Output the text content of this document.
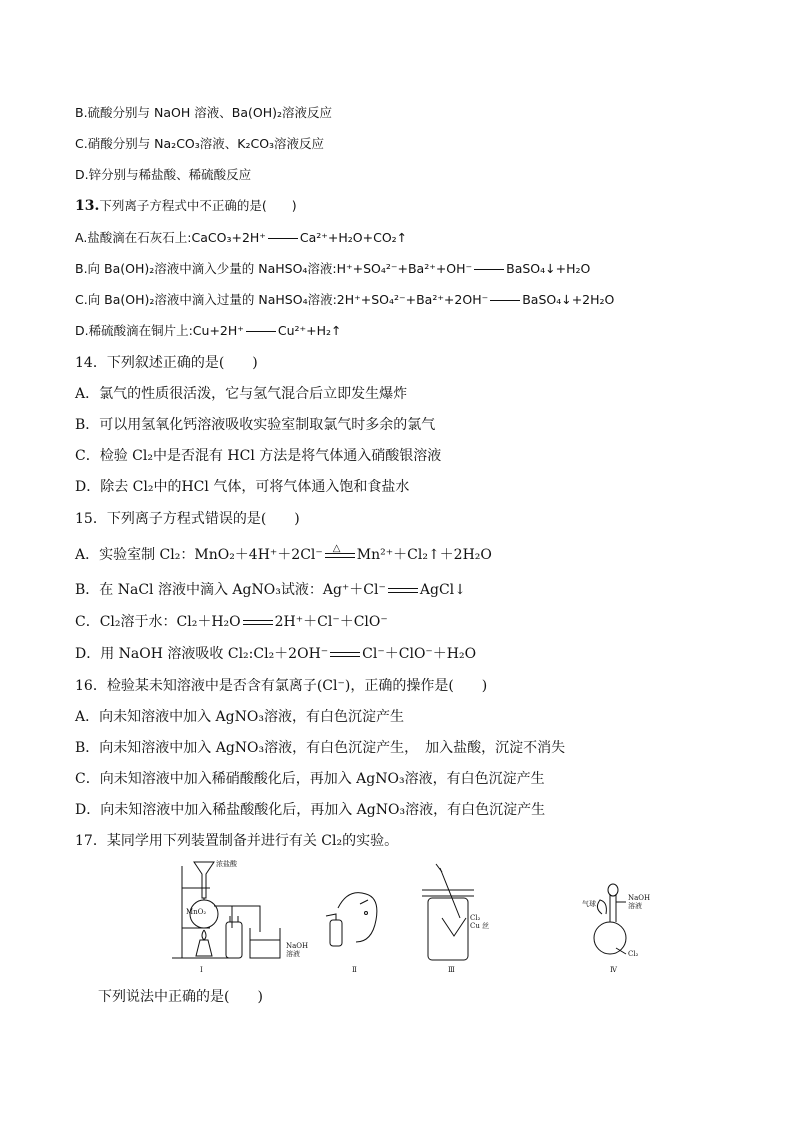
B.硫酸分别与 NaOH 溶液、Ba(OH)₂溶液反应
C.硝酸分别与 Na₂CO₃溶液、K₂CO₃溶液反应
D.锌分别与稀盐酸、稀硫酸反应
13.下列离子方程式中不正确的是(　　)
A.盐酸滴在石灰石上:CaCO₃+2H⁺	Ca²⁺+H₂O+CO₂↑
B.向 Ba(OH)₂溶液中滴入少量的 NaHSO₄溶液:H⁺+SO₄²⁻+Ba²⁺+OH⁻	BaSO₄↓+H₂O
C.向 Ba(OH)₂溶液中滴入过量的 NaHSO₄溶液:2H⁺+SO₄²⁻+Ba²⁺+2OH⁻	BaSO₄↓+2H₂O
D.稀硫酸滴在铜片上:Cu+2H⁺	Cu²⁺+H₂↑
14．下列叙述正确的是(　　)
A．氯气的性质很活泼，它与氢气混合后立即发生爆炸
B．可以用氢氧化钙溶液吸收实验室制取氯气时多余的氯气
C．检验 Cl₂中是否混有 HCl 方法是将气体通入硝酸银溶液
D．除去 Cl₂中的HCl 气体，可将气体通入饱和食盐水
15．下列离子方程式错误的是(　　)
A．实验室制 Cl₂：MnO₂＋4H⁺＋2Cl⁻ △ Mn²⁺＋Cl₂↑＋2H₂O
B．在 NaCl 溶液中滴入 AgNO₃试液：Ag⁺＋Cl⁻ AgCl↓
C．Cl₂溶于水：Cl₂＋H₂O 2H⁺＋Cl⁻＋ClO⁻
D．用 NaOH 溶液吸收 Cl₂:Cl₂＋2OH⁻ Cl⁻＋ClO⁻＋H₂O
16．检验某未知溶液中是否含有氯离子(Cl⁻)，正确的操作是(　　)
A．向未知溶液中加入 AgNO₃溶液，有白色沉淀产生
B．向未知溶液中加入 AgNO₃溶液，有白色沉淀产生，　加入盐酸，沉淀不消失
C．向未知溶液中加入稀硝酸酸化后，再加入 AgNO₃溶液，有白色沉淀产生
D．向未知溶液中加入稀盐酸酸化后，再加入 AgNO₃溶液，有白色沉淀产生
17．某同学用下列装置制备并进行有关 Cl₂的实验。
浓盐酸
MnO₂
NaOH
溶液
Cl₂
Cu 丝
气球
NaOH
溶液
Cl₂
Ⅰ	Ⅱ	Ⅲ	Ⅳ
下列说法中正确的是(　　)
